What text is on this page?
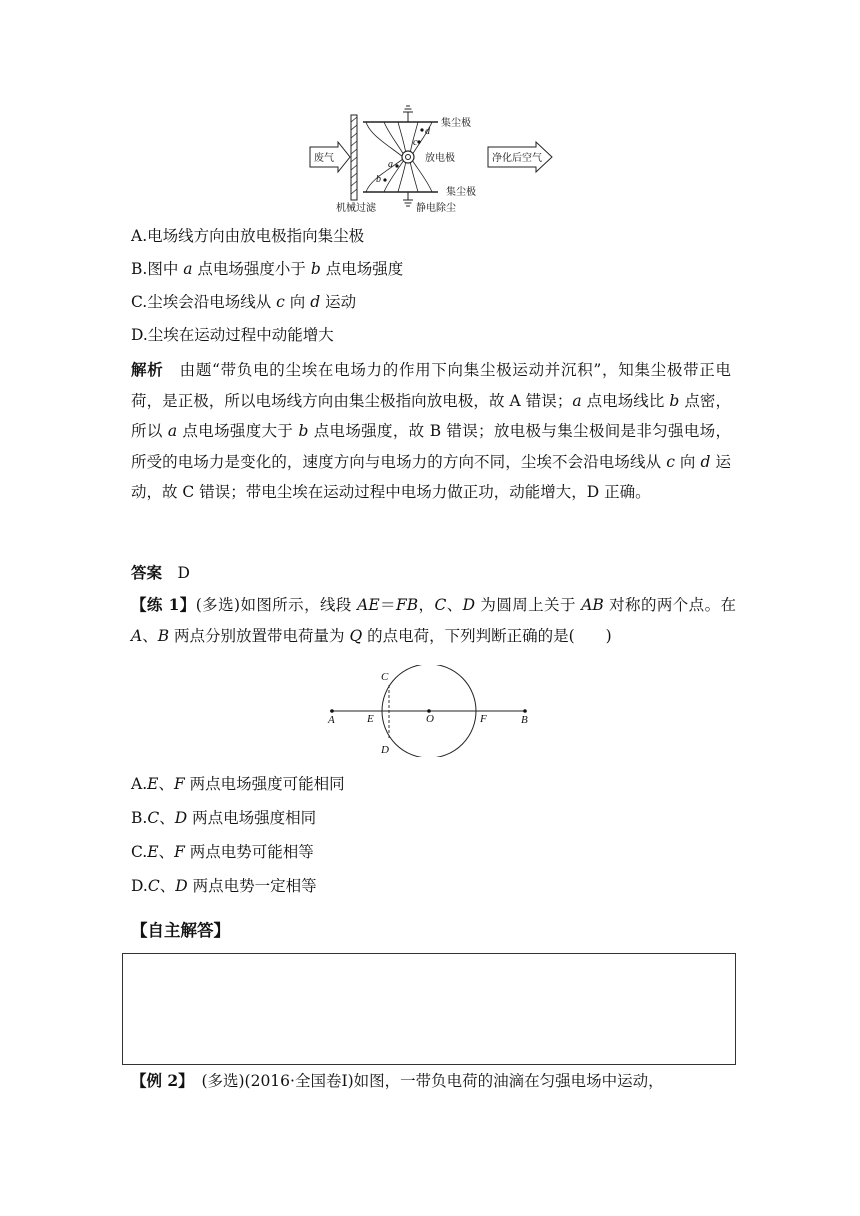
集尘极
放电极
集尘极
废气	净化后空气
机械过滤	静电除尘
c
d
a
b
A.电场线方向由放电极指向集尘极
B.图中 a 点电场强度小于 b 点电场强度
C.尘埃会沿电场线从 c 向 d 运动
D.尘埃在运动过程中动能增大
解析　由题“带负电的尘埃在电场力的作用下向集尘极运动并沉积”，知集尘极带正电荷，是正极，所以电场线方向由集尘极指向放电极，故 A 错误；a 点电场线比 b 点密，所以 a 点电场强度大于 b 点电场强度，故 B 错误；放电极与集尘极间是非匀强电场，所受的电场力是变化的，速度方向与电场力的方向不同，尘埃不会沿电场线从 c 向 d 运动，故 C 错误；带电尘埃在运动过程中电场力做正功，动能增大，D 正确。
答案　 D
【练 1】(多选)如图所示，线段 AE＝FB，C、D 为圆周上关于 AB 对称的两个点。在 A、B 两点分别放置带电荷量为 Q 的点电荷，下列判断正确的是(　　)
A	E	O	F	B
C
D
A.E、F 两点电场强度可能相同
B.C、D 两点电场强度相同
C.E、F 两点电势可能相等
D.C、D 两点电势一定相等
【自主解答】
【例 2】　(多选)(2016·全国卷Ⅰ)如图，一带负电荷的油滴在匀强电场中运动，
